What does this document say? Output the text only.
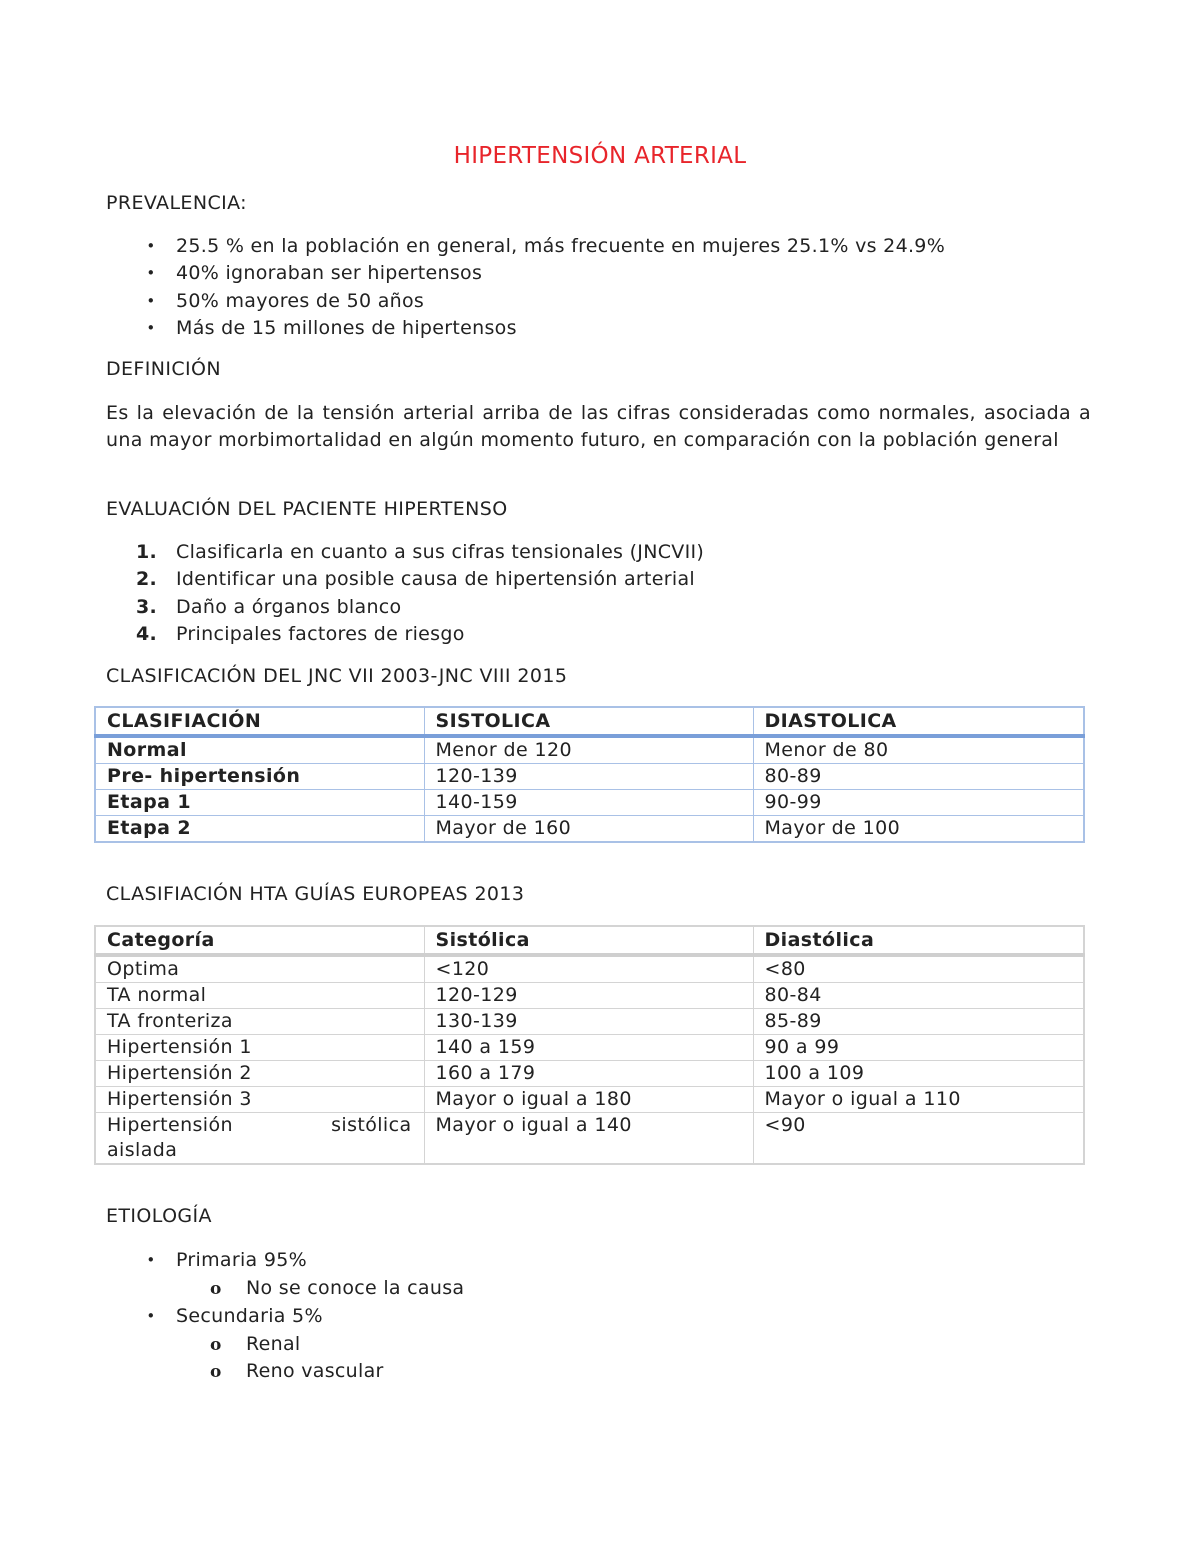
HIPERTENSIÓN ARTERIAL
PREVALENCIA:
• 25.5 % en la población en general, más frecuente en mujeres 25.1% vs 24.9%
• 40% ignoraban ser hipertensos
• 50% mayores de 50 años
• Más de 15 millones de hipertensos
DEFINICIÓN

Es la elevación de la tensión arterial arriba de las cifras consideradas como normales, asociada a una mayor morbimortalidad en algún momento futuro, en comparación con la población general

EVALUACIÓN DEL PACIENTE HIPERTENSO
1. Clasificarla en cuanto a sus cifras tensionales (JNCVII)
2. Identificar una posible causa de hipertensión arterial
3. Daño a órganos blanco
4. Principales factores de riesgo
CLASIFICACIÓN DEL JNC VII 2003-JNC VIII 2015
CLASIFIACIÓN	SISTOLICA	DIASTOLICA
Normal	Menor de 120	Menor de 80
Pre- hipertensión	120-139	80-89
Etapa 1	140-159	90-99
Etapa 2	Mayor de 160	Mayor de 100
CLASIFIACIÓN HTA GUÍAS EUROPEAS 2013
Categoría	Sistólica	Diastólica
Optima	<120	<80
TA normal	120-129	80-84
TA fronteriza	130-139	85-89
Hipertensión 1	140 a 159	90 a 99
Hipertensión 2	160 a 179	100 a 109
Hipertensión 3	Mayor o igual a 180	Mayor o igual a 110

Hipertensión sistólica
aislada	Mayor o igual a 140	<90
ETIOLOGÍA
• Primaria 95%
o No se conoce la causa
• Secundaria 5%
o Renal
o Reno vascular
